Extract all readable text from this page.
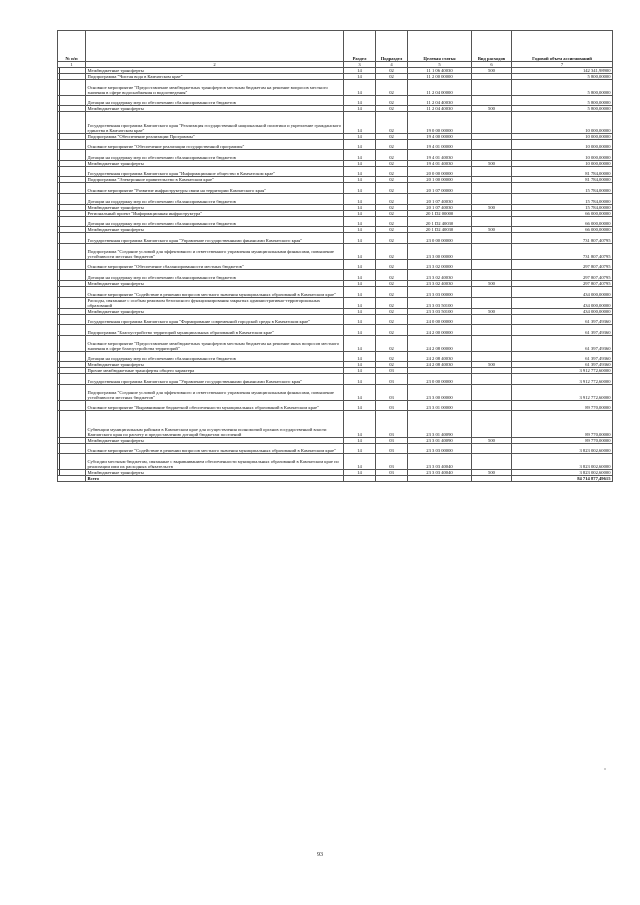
№ п/п		Раздел	Подраздел	Целевая статья	Вид расходов	Годовой объем ассигнований
1	2	3	4	5	6	7

	Межбюджетные трансферты	14	02	11 1 06 40030	500	142 341,98900

	Подпрограмма "Чистая вода в Камчатском крае"	14	02	11 2 00 00000		5 800,00000

	Основное мероприятие "Предоставление межбюджетных трансфертов местным бюджетам на решение вопросов местного значения в сфере водоснабжения и водоотведения"	14	02	11 2 04 00000		5 800,00000

	Дотации на поддержку мер по обеспечению сбалансированности бюджетов	14	02	11 2 04 40030		5 800,00000

	Межбюджетные трансферты	14	02	11 2 04 40030	500	5 800,00000

	Государственная программа Камчатского края "Реализация государственной национальной политики и укрепление гражданского единства в Камчатском крае"	14	02	19 0 00 00000		10 000,00000

	Подпрограмма "Обеспечение реализации Программы"	14	02	19 4 00 00000		10 000,00000

	Основное мероприятие "Обеспечение реализации государственной программы"	14	02	19 4 01 00000		10 000,00000

	Дотации на поддержку мер по обеспечению сбалансированности бюджетов	14	02	19 4 01 40030		10 000,00000

	Межбюджетные трансферты	14	02	19 4 01 40030	500	10 000,00000

	Государственная программа Камчатского края "Информационное общество в Камчатском крае"	14	02	20 0 00 00000		81 784,00000

	Подпрограмма "Электронное правительство в Камчатском крае"	14	02	20 1 00 00000		81 784,00000

	Основное мероприятие "Развитие инфраструктуры связи на территории Камчатского края"	14	02	20 1 07 00000		15 784,00000

	Дотации на поддержку мер по обеспечению сбалансированности бюджетов	14	02	20 1 07 40030		15 784,00000

	Межбюджетные трансферты	14	02	20 1 07 40030	500	15 784,00000

	Региональный проект "Информационная инфраструктура"	14	02	20 1 D2 00000		66 000,00000

	Дотации на поддержку мер по обеспечению сбалансированности бюджетов	14	02	20 1 D2 40030		66 000,00000

	Межбюджетные трансферты	14	02	20 1 D2 40030	500	66 000,00000

	Государственная программа Камчатского края "Управление государственными финансами Камчатского края"	14	02	23 0 00 00000		731 807,40795

	Подпрограмма "Создание условий для эффективного и ответственного управления муниципальными финансами, повышение устойчивости местных бюджетов"	14	02	23 3 00 00000		731 807,40795

	Основное мероприятие "Обеспечение сбалансированности местных бюджетов"	14	02	23 3 02 00000		297 807,40795

	Дотации на поддержку мер по обеспечению сбалансированности бюджетов	14	02	23 3 02 40030		297 807,40795

	Межбюджетные трансферты	14	02	23 3 02 40030	500	297 807,40795

	Основное мероприятие "Содействие в решении вопросов местного значения муниципальных образований в Камчатском крае"	14	02	23 3 03 00000		434 000,00000

	Расходы, связанные с особым режимом безопасного функционирования закрытых административно-территориальных образований	14	02	23 3 03 50100		434 000,00000

	Межбюджетные трансферты	14	02	23 3 03 50100	500	434 000,00000

	Государственная программа Камчатского края "Формирование современной городской среды в Камчатском крае"	14	02	24 0 00 00000		61 397,49360

	Подпрограмма "Благоустройство территорий муниципальных образований в Камчатском крае"	14	02	24 2 00 00000		61 397,49360

	Основное мероприятие "Предоставление межбюджетных трансфертов местным бюджетам на решение иных вопросов местного значения в сфере благоустройства территорий"	14	02	24 2 08 00000		61 397,49360

	Дотации на поддержку мер по обеспечению сбалансированности бюджетов	14	02	24 2 08 40030		61 397,49360

	Межбюджетные трансферты	14	02	24 2 08 40030	500	61 397,49360

	Прочие межбюджетные трансферты общего характера	14	03			3 912 772,60000

	Государственная программа Камчатского края "Управление государственными финансами Камчатского края"	14	03	23 0 00 00000		3 912 772,60000

	Подпрограмма "Создание условий для эффективного и ответственного управления муниципальными финансами, повышение устойчивости местных бюджетов"	14	03	23 3 00 00000		3 912 772,60000

	Основное мероприятие "Выравнивание бюджетной обеспеченности муниципальных образований в Камчатском крае"	14	03	23 3 01 00000		89 770,00000

	Субвенции муниципальным районам в Камчатском крае для осуществления полномочий органов государственной власти Камчатского края по расчету и предоставлению дотаций бюджетам поселений	14	03	23 3 01 40090		89 770,00000

	Межбюджетные трансферты	14	03	23 3 01 40090	500	89 770,00000

	Основное мероприятие "Содействие в решении вопросов местного значения муниципальных образований в Камчатском крае"	14	03	23 3 03 00000		3 823 002,60000

	Субсидии местным бюджетам, связанные с выравниванием обеспеченности муниципальных образований в Камчатском крае по реализации ими их расходных обязательств	14	03	23 3 03 40040		3 823 002,60000

	Межбюджетные трансферты	14	03	23 3 03 40040	500	3 823 002,60000
	Всего					84 714 877,49615
"
93
